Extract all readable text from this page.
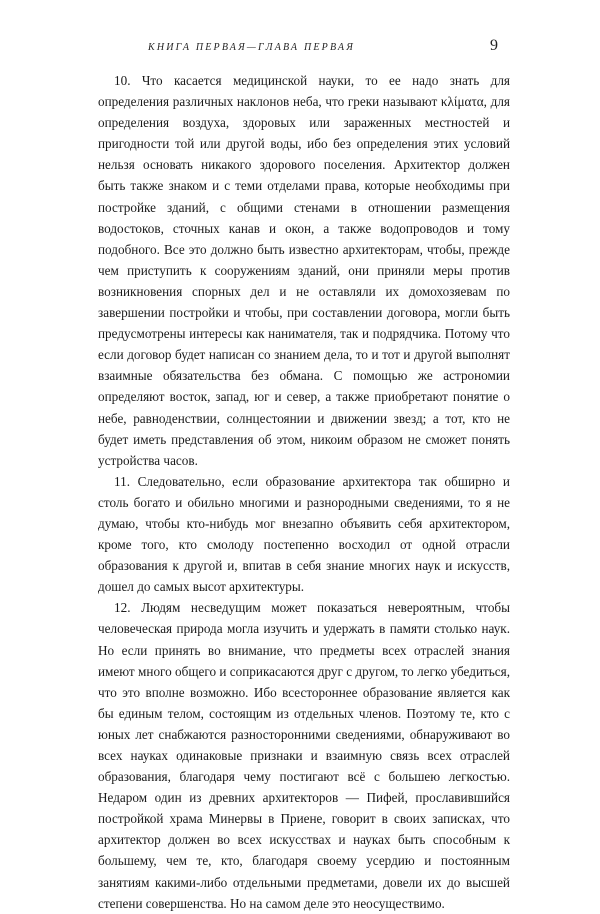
КНИГА ПЕРВАЯ—ГЛАВА ПЕРВАЯ	9

10. Что касается медицинской науки, то ее надо знать для определения различных наклонов неба, что греки называют κλίματα, для определения воздуха, здоровых или зараженных местностей и пригодности той или другой воды, ибо без определения этих условий нельзя основать никакого здорового поселения. Архитектор должен быть также знаком и с теми отделами права, которые необходимы при постройке зданий, с общими стенами в отношении размещения водостоков, сточных канав и окон, а также водопроводов и тому подобного. Все это должно быть известно архитекторам, чтобы, прежде чем приступить к сооружениям зданий, они приняли меры против возникновения спорных дел и не оставляли их домохозяевам по завершении постройки и чтобы, при составлении договора, могли быть предусмотрены интересы как нанимателя, так и подрядчика. Потому что если договор будет написан со знанием дела, то и тот и другой выполнят взаимные обязательства без обмана. С помощью же астрономии определяют восток, запад, юг и север, а также приобретают понятие о небе, равноденствии, солнцестоянии и движении звезд; а тот, кто не будет иметь представления об этом, никоим образом не сможет понять устройства часов.

11. Следовательно, если образование архитектора так обширно и столь богато и обильно многими и разнородными сведениями, то я не думаю, чтобы кто-нибудь мог внезапно объявить себя архитектором, кроме того, кто смолоду постепенно восходил от одной отрасли образования к другой и, впитав в себя знание многих наук и искусств, дошел до самых высот архитектуры.

12. Людям несведущим может показаться невероятным, чтобы человеческая природа могла изучить и удержать в памяти столько наук. Но если принять во внимание, что предметы всех отраслей знания имеют много общего и соприкасаются друг с другом, то легко убедиться, что это вполне возможно. Ибо всестороннее образование является как бы единым телом, состоящим из отдельных членов. Поэтому те, кто с юных лет снабжаются разносторонними сведениями, обнаруживают во всех науках одинаковые признаки и взаимную связь всех отраслей образования, благодаря чему постигают всё с большею легкостью. Недаром один из древних архитекторов — Пифей, прославившийся постройкой храма Минервы в Приене, говорит в своих записках, что архитектор должен во всех искусствах и науках быть способным к большему, чем те, кто, благодаря своему усердию и постоянным занятиям какими-либо отдельными предметами, довели их до высшей степени совершенства. Но на самом деле это неосуществимо.
